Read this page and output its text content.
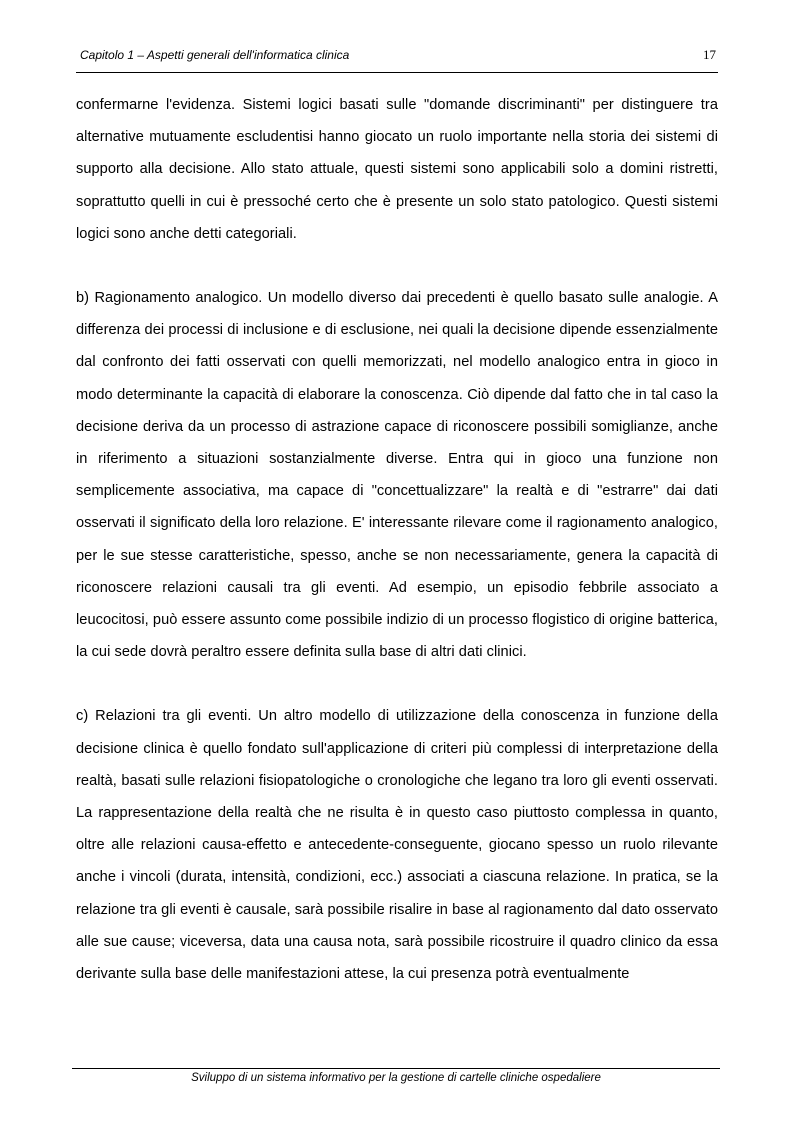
Capitolo 1 – Aspetti generali dell'informatica clinica	17

confermarne l'evidenza. Sistemi logici basati sulle "domande discriminanti" per distinguere tra alternative mutuamente escludentisi hanno giocato un ruolo importante nella storia dei sistemi di supporto alla decisione. Allo stato attuale, questi sistemi sono applicabili solo a domini ristretti, soprattutto quelli in cui è pressoché certo che è presente un solo stato patologico. Questi sistemi logici sono anche detti categoriali.

b) Ragionamento analogico. Un modello diverso dai precedenti è quello basato sulle analogie. A differenza dei processi di inclusione e di esclusione, nei quali la decisione dipende essenzialmente dal confronto dei fatti osservati con quelli memorizzati, nel modello analogico entra in gioco in modo determinante la capacità di elaborare la conoscenza. Ciò dipende dal fatto che in tal caso la decisione deriva da un processo di astrazione capace di riconoscere possibili somiglianze, anche in riferimento a situazioni sostanzialmente diverse. Entra qui in gioco una funzione non semplicemente associativa, ma capace di "concettualizzare" la realtà e di "estrarre" dai dati osservati il significato della loro relazione. E' interessante rilevare come il ragionamento analogico, per le sue stesse caratteristiche, spesso, anche se non necessariamente, genera la capacità di riconoscere relazioni causali tra gli eventi. Ad esempio, un episodio febbrile associato a leucocitosi, può essere assunto come possibile indizio di un processo flogistico di origine batterica, la cui sede dovrà peraltro essere definita sulla base di altri dati clinici.

c) Relazioni tra gli eventi. Un altro modello di utilizzazione della conoscenza in funzione della decisione clinica è quello fondato sull'applicazione di criteri più complessi di interpretazione della realtà, basati sulle relazioni fisiopatologiche o cronologiche che legano tra loro gli eventi osservati. La rappresentazione della realtà che ne risulta è in questo caso piuttosto complessa in quanto, oltre alle relazioni causa-effetto e antecedente-conseguente, giocano spesso un ruolo rilevante anche i vincoli (durata, intensità, condizioni, ecc.) associati a ciascuna relazione. In pratica, se la relazione tra gli eventi è causale, sarà possibile risalire in base al ragionamento dal dato osservato alle sue cause; viceversa, data una causa nota, sarà possibile ricostruire il quadro clinico da essa derivante sulla base delle manifestazioni attese, la cui presenza potrà eventualmente

Sviluppo di un sistema informativo per la gestione di cartelle cliniche ospedaliere
